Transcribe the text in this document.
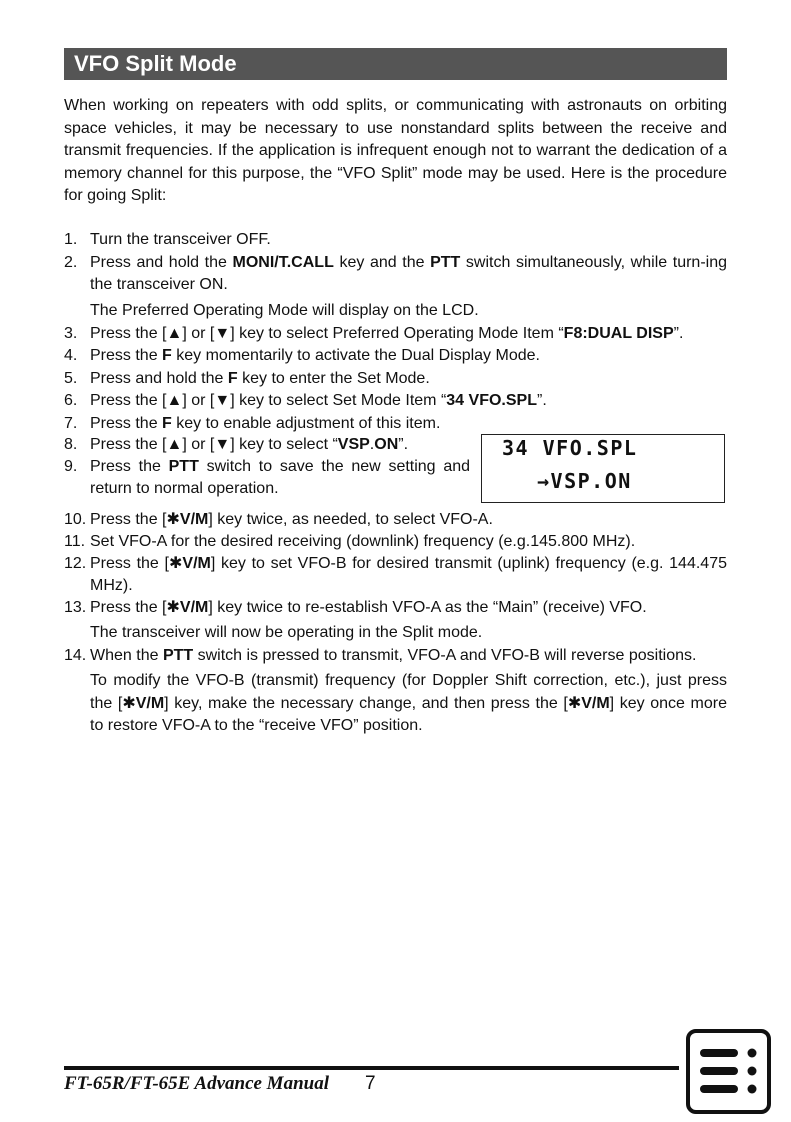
VFO Split Mode

When working on repeaters with odd splits, or communicating with astronauts on orbiting space vehicles, it may be necessary to use nonstandard splits between the receive and transmit frequencies. If the application is infrequent enough not to warrant the dedication of a memory channel for this purpose, the “VFO Split” mode may be used. Here is the procedure for going Split:

1. Turn the transceiver OFF.
2. Press and hold the MONI/T.CALL key and the PTT switch simultaneously, while turn-ing the transceiver ON.
The Preferred Operating Mode will display on the LCD.
3. Press the [▲] or [▼] key to select Preferred Operating Mode Item “F8:DUAL DISP”.
4. Press the F key momentarily to activate the Dual Display Mode.
5. Press and hold the F key to enter the Set Mode.
6. Press the [▲] or [▼] key to select Set Mode Item “34 VFO.SPL”.
7. Press the F key to enable adjustment of this item.
8. Press the [▲] or [▼] key to select “VSP.ON”.
9. Press the PTT switch to save the new setting and return to normal operation.
34 VFO.SPL
→VSP.ON
10. Press the [✱V/M] key twice, as needed, to select VFO-A.
11. Set VFO-A for the desired receiving (downlink) frequency (e.g.145.800 MHz).
12. Press the [✱V/M] key to set VFO-B for desired transmit (uplink) frequency (e.g. 144.475 MHz).
13. Press the [✱V/M] key twice to re-establish VFO-A as the “Main” (receive) VFO.
The transceiver will now be operating in the Split mode.
14. When the PTT switch is pressed to transmit, VFO-A and VFO-B will reverse positions.
To modify the VFO-B (transmit) frequency (for Doppler Shift correction, etc.), just press the [✱V/M] key, make the necessary change, and then press the [✱V/M] key once more to restore VFO-A to the “receive VFO” position.
FT-65R/FT-65E Advance Manual 7
